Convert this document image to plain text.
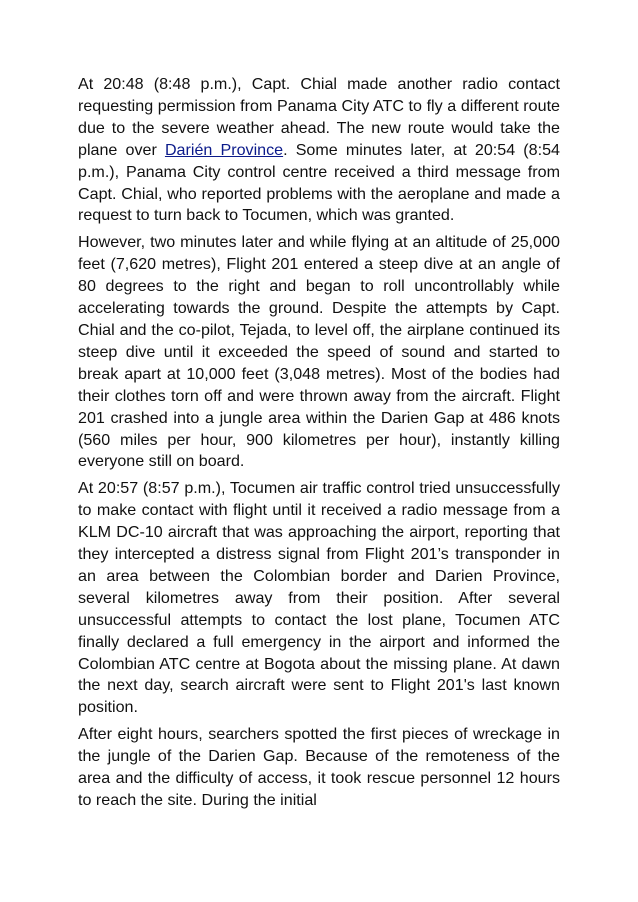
At 20:48 (8:48 p.m.), Capt. Chial made another radio contact requesting permission from Panama City ATC to fly a different route due to the severe weather ahead. The new route would take the plane over Darién Province. Some minutes later, at 20:54 (8:54 p.m.), Panama City control centre received a third message from Capt. Chial, who reported problems with the aeroplane and made a request to turn back to Tocumen, which was granted.

However, two minutes later and while flying at an altitude of 25,000 feet (7,620 metres), Flight 201 entered a steep dive at an angle of 80 degrees to the right and began to roll uncontrollably while accelerating towards the ground. Despite the attempts by Capt. Chial and the co-pilot, Tejada, to level off, the airplane continued its steep dive until it exceeded the speed of sound and started to break apart at 10,000 feet (3,048 metres). Most of the bodies had their clothes torn off and were thrown away from the aircraft. Flight 201 crashed into a jungle area within the Darien Gap at 486 knots (560 miles per hour, 900 kilometres per hour), instantly killing everyone still on board.

At 20:57 (8:57 p.m.), Tocumen air traffic control tried unsuccessfully to make contact with flight until it received a radio message from a KLM DC-10 aircraft that was approaching the airport, reporting that they intercepted a distress signal from Flight 201’s transponder in an area between the Colombian border and Darien Province, several kilometres away from their position. After several unsuccessful attempts to contact the lost plane, Tocumen ATC finally declared a full emergency in the airport and informed the Colombian ATC centre at Bogota about the missing plane. At dawn the next day, search aircraft were sent to Flight 201's last known position.

After eight hours, searchers spotted the first pieces of wreckage in the jungle of the Darien Gap. Because of the remoteness of the area and the difficulty of access, it took rescue personnel 12 hours to reach the site. During the initial
